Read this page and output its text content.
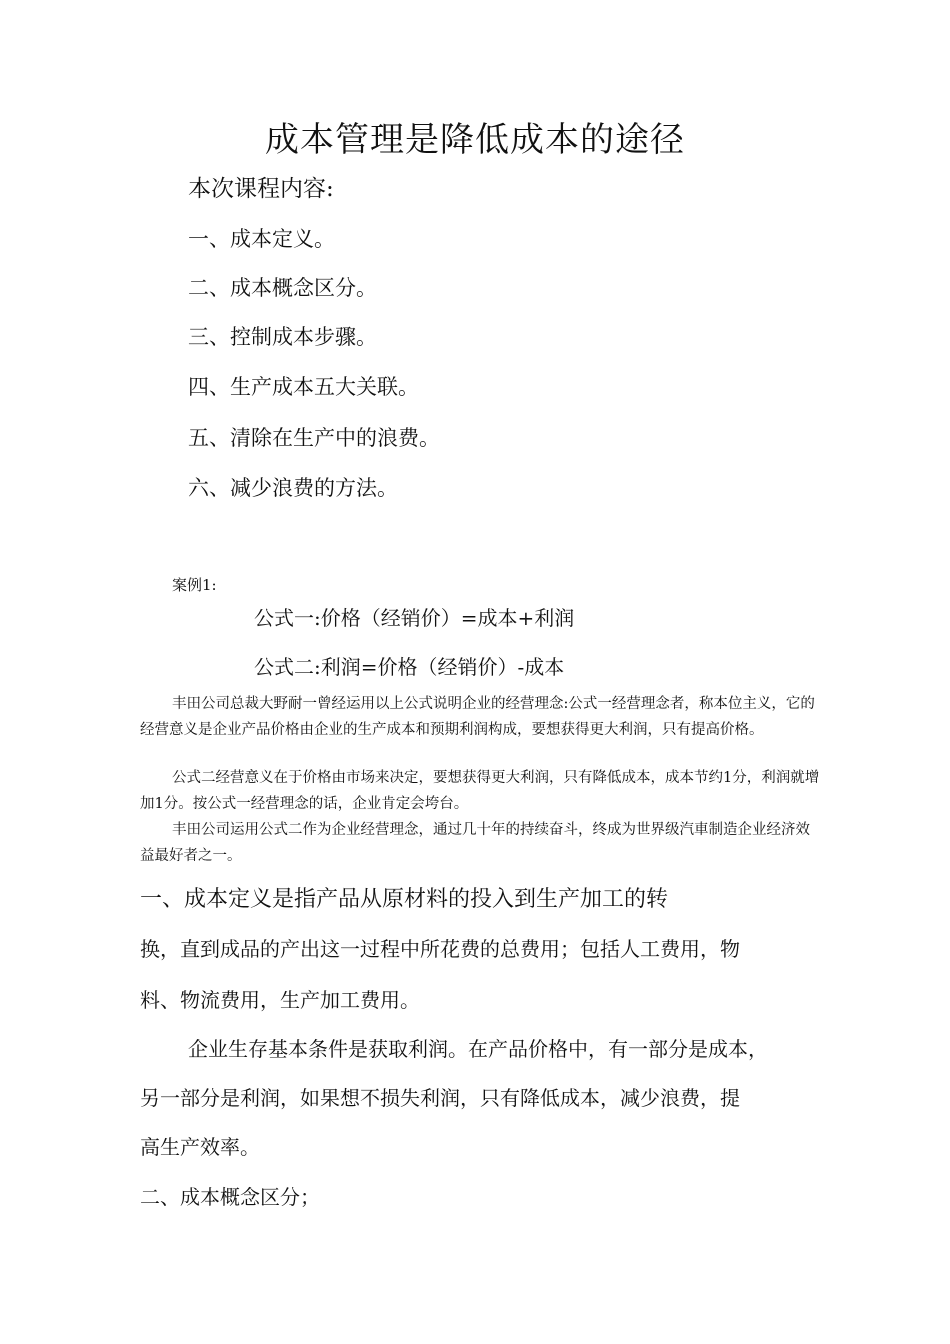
成本管理是降低成本的途径
本次课程内容:
一、成本定义。
二、成本概念区分。
三、控制成本步骤。
四、生产成本五大关联。
五、清除在生产中的浪费。
六、减少浪费的方法。
案例1:
公式一:价格（经销价）=成本+利润
公式二:利润=价格（经销价）-成本
丰田公司总裁大野耐一曾经运用以上公式说明企业的经营理念:公式一经营理念者，称本位主义，它的经营意义是企业产品价格由企业的生产成本和预期利润构成，要想获得更大利润，只有提高价格。
公式二经营意义在于价格由市场来决定，要想获得更大利润，只有降低成本，成本节约1分，利润就增加1分。按公式一经营理念的话，企业肯定会垮台。
丰田公司运用公式二作为企业经营理念，通过几十年的持续奋斗，终成为世界级汽車制造企业经济效益最好者之一。
一、成本定义是指产品从原材料的投入到生产加工的转
换，直到成品的产出这一过程中所花费的总费用；包括人工费用，物
料、物流费用，生产加工费用。
企业生存基本条件是获取利润。在产品价格中，有一部分是成本，
另一部分是利润，如果想不损失利润，只有降低成本，减少浪费，提
高生产效率。
二、成本概念区分；
